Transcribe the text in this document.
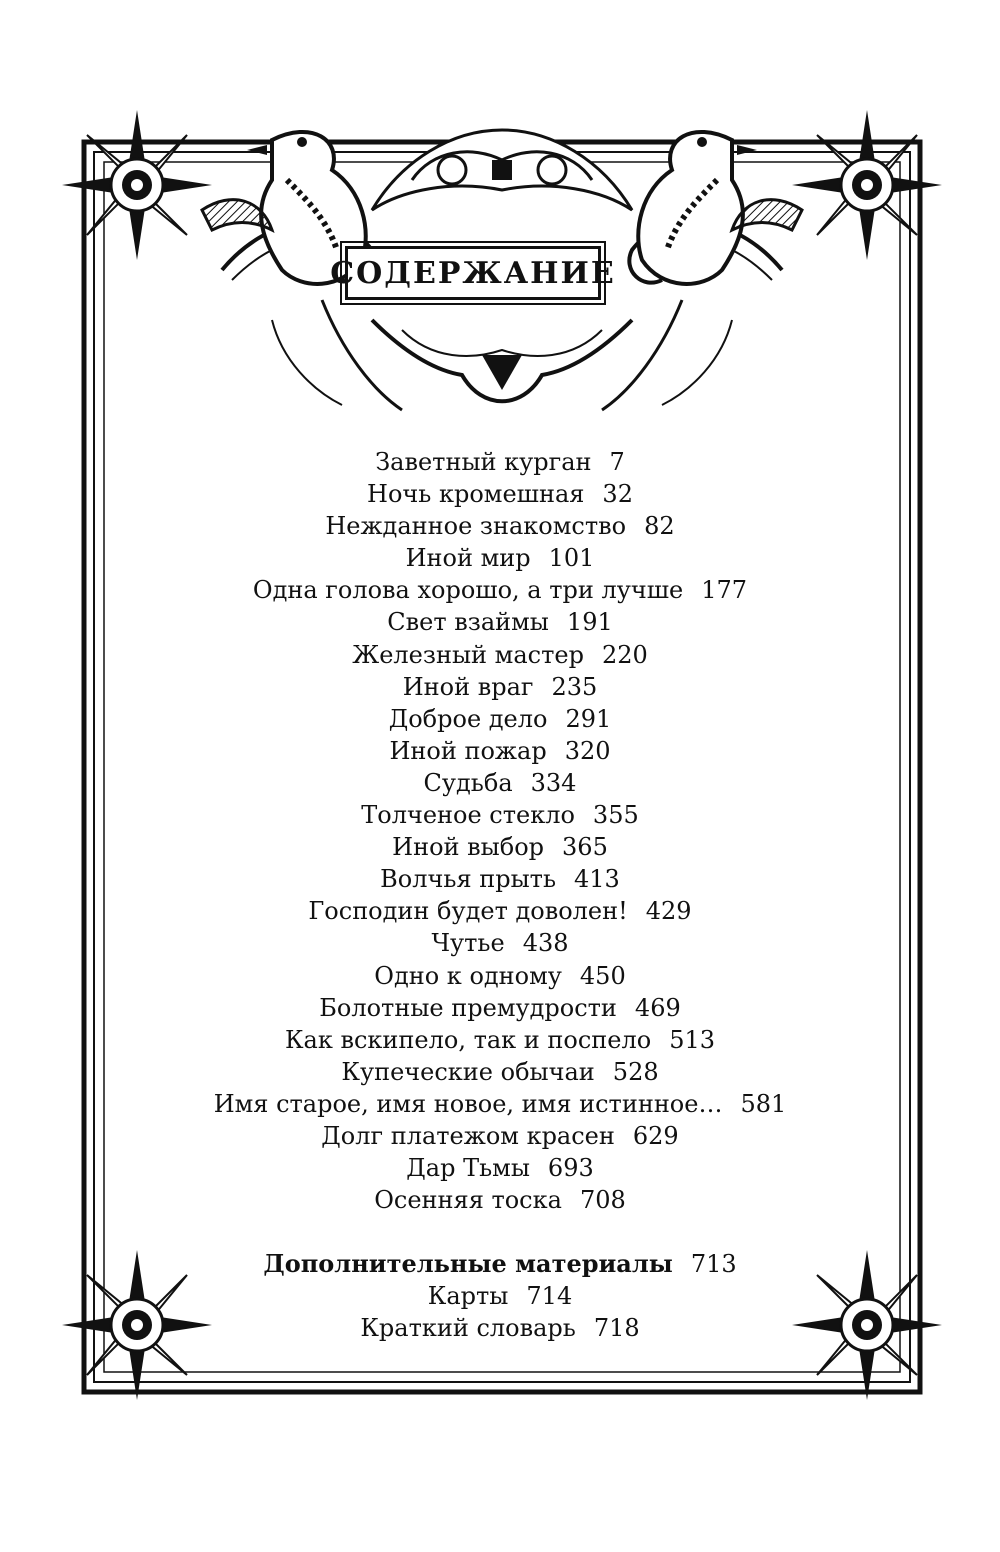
СОДЕРЖАНИЕ
Заветный курган 7
Ночь кромешная 32
Нежданное знакомство 82
Иной мир 101
Одна голова хорошо, а три лучше 177
Свет взаймы 191
Железный мастер 220
Иной враг 235
Доброе дело 291
Иной пожар 320
Судьба 334
Толченое стекло 355
Иной выбор 365
Волчья прыть 413
Господин будет доволен! 429
Чутье 438
Одно к одному 450
Болотные премудрости 469
Как вскипело, так и поспело 513
Купеческие обычаи 528
Имя старое, имя новое, имя истинное… 581
Долг платежом красен 629
Дар Тьмы 693
Осенняя тоска 708
Дополнительные материалы 713
Карты 714
Краткий словарь 718
